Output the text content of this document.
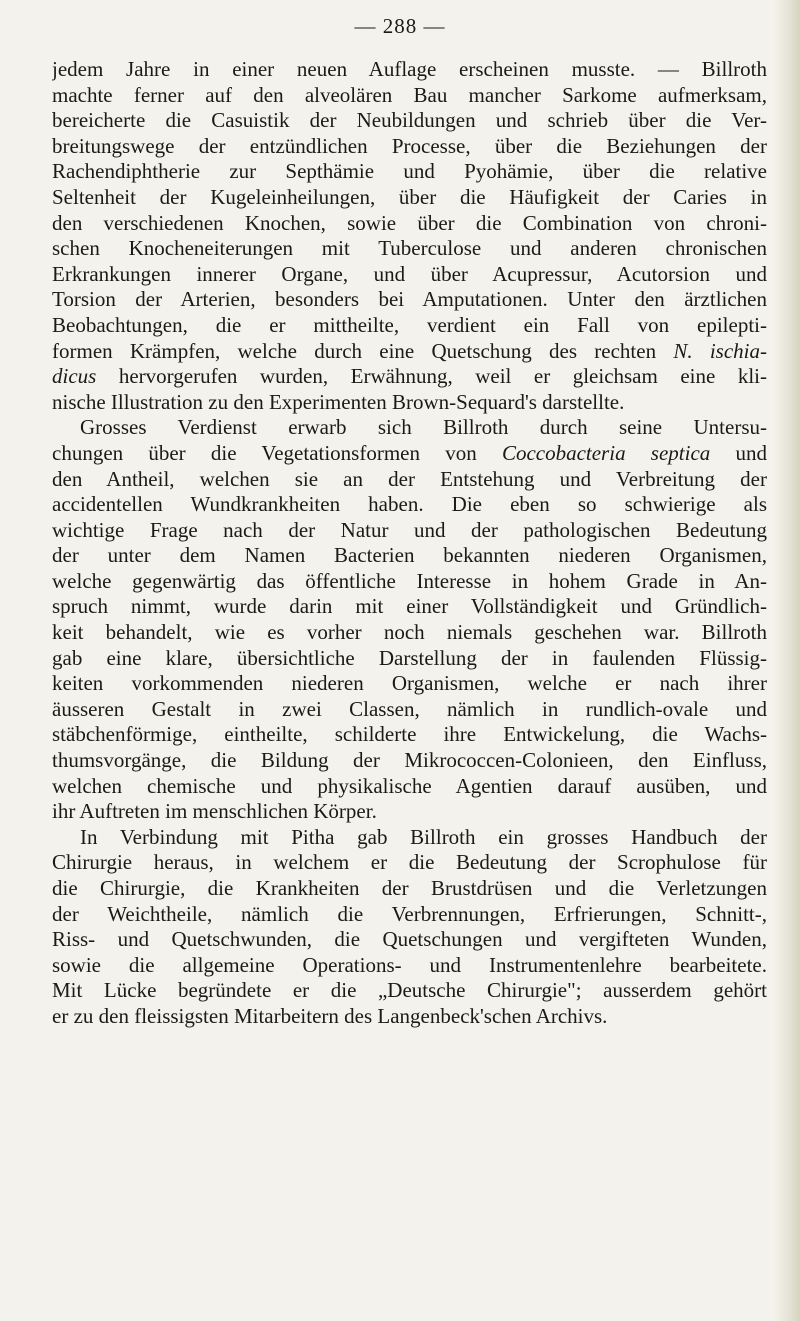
— 288 —
jedem Jahre in einer neuen Auflage erscheinen musste. — Billroth
machte ferner auf den alveolären Bau mancher Sarkome aufmerksam,
bereicherte die Casuistik der Neubildungen und schrieb über die Ver-
breitungswege der entzündlichen Processe, über die Beziehungen der
Rachendiphtherie zur Septhämie und Pyohämie, über die relative
Seltenheit der Kugeleinheilungen, über die Häufigkeit der Caries in
den verschiedenen Knochen, sowie über die Combination von chroni-
schen Knocheneiterungen mit Tuberculose und anderen chronischen
Erkrankungen innerer Organe, und über Acupressur, Acutorsion und
Torsion der Arterien, besonders bei Amputationen. Unter den ärztlichen
Beobachtungen, die er mittheilte, verdient ein Fall von epilepti-
formen Krämpfen, welche durch eine Quetschung des rechten N. ischia-
dicus hervorgerufen wurden, Erwähnung, weil er gleichsam eine kli-
nische Illustration zu den Experimenten Brown-Sequard's darstellte.
Grosses Verdienst erwarb sich Billroth durch seine Untersu-
chungen über die Vegetationsformen von Coccobacteria septica und
den Antheil, welchen sie an der Entstehung und Verbreitung der
accidentellen Wundkrankheiten haben. Die eben so schwierige als
wichtige Frage nach der Natur und der pathologischen Bedeutung
der unter dem Namen Bacterien bekannten niederen Organismen,
welche gegenwärtig das öffentliche Interesse in hohem Grade in An-
spruch nimmt, wurde darin mit einer Vollständigkeit und Gründlich-
keit behandelt, wie es vorher noch niemals geschehen war. Billroth
gab eine klare, übersichtliche Darstellung der in faulenden Flüssig-
keiten vorkommenden niederen Organismen, welche er nach ihrer
äusseren Gestalt in zwei Classen, nämlich in rundlich-ovale und
stäbchenförmige, eintheilte, schilderte ihre Entwickelung, die Wachs-
thumsvorgänge, die Bildung der Mikrococcen-Colonieen, den Einfluss,
welchen chemische und physikalische Agentien darauf ausüben, und
ihr Auftreten im menschlichen Körper.
In Verbindung mit Pitha gab Billroth ein grosses Handbuch der
Chirurgie heraus, in welchem er die Bedeutung der Scrophulose für
die Chirurgie, die Krankheiten der Brustdrüsen und die Verletzungen
der Weichtheile, nämlich die Verbrennungen, Erfrierungen, Schnitt-,
Riss- und Quetschwunden, die Quetschungen und vergifteten Wunden,
sowie die allgemeine Operations- und Instrumentenlehre bearbeitete.
Mit Lücke begründete er die „Deutsche Chirurgie"; ausserdem gehört
er zu den fleissigsten Mitarbeitern des Langenbeck'schen Archivs.
